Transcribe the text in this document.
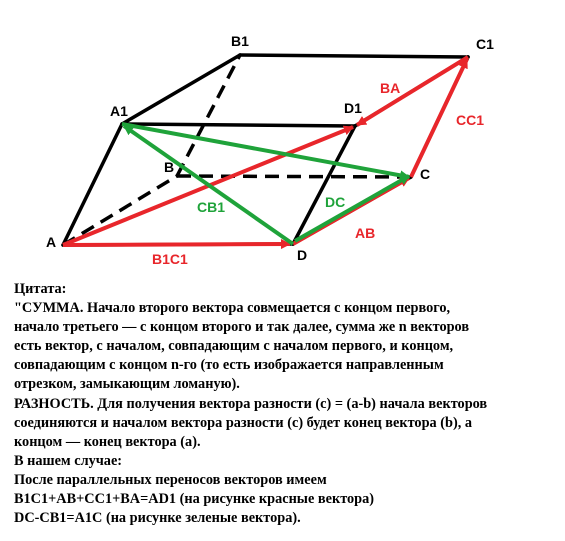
A
B	C
D
A1
B1	C1
D1
B1C1
AB
CC1
BA
DC
CB1
Цитата:
"СУММА. Начало второго вектора совмещается с концом первого,
начало третьего — с концом второго и так далее, сумма же n векторов
есть вектор, с началом, совпадающим с началом первого, и концом,
совпадающим с концом n-го (то есть изображается направленным
отрезком, замыкающим ломаную).
РАЗНОСТЬ. Для получения вектора разности (c) = (a-b) начала векторов
соединяются и началом вектора разности (c) будет конец вектора (b), а
концом — конец вектора (a).
В нашем случае:
После параллельных переносов векторов имеем
B1C1+AB+CC1+BA=AD1 (на рисунке красные вектора)
DC-CB1=A1C (на рисунке зеленые вектора).
